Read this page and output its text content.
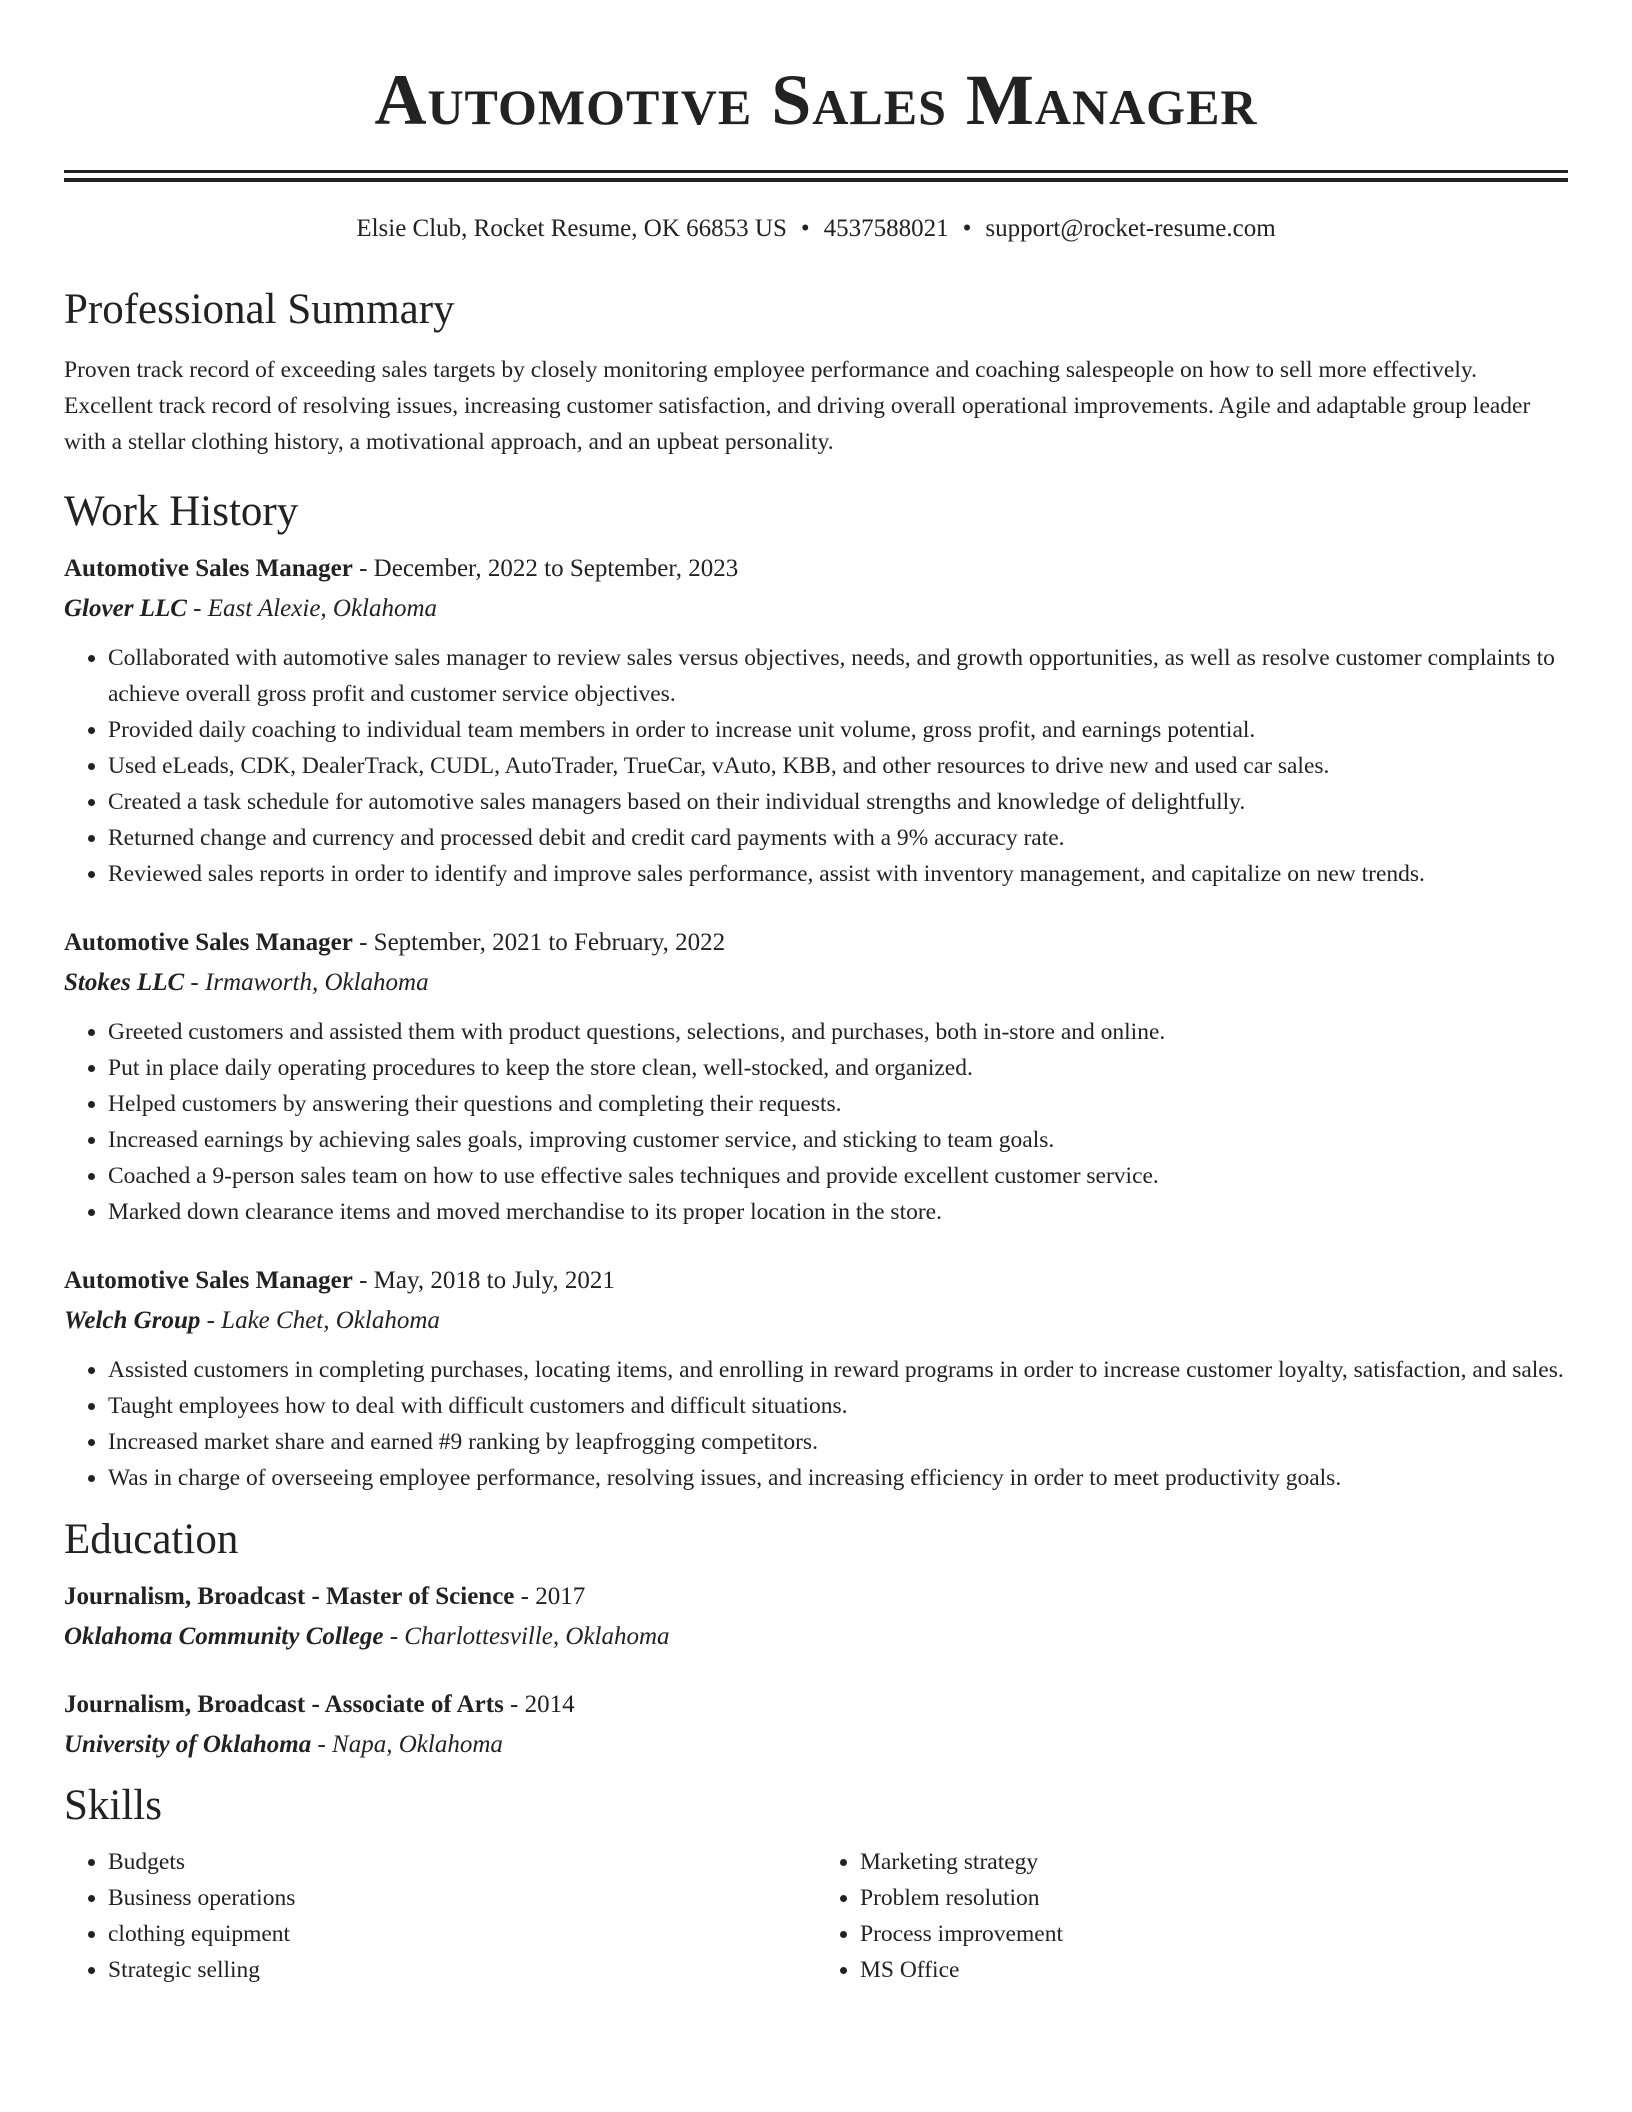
Automotive Sales Manager
Elsie Club, Rocket Resume, OK 66853 US • 4537588021 • support@rocket-resume.com
Professional Summary

Proven track record of exceeding sales targets by closely monitoring employee performance and coaching salespeople on how to sell more effectively. Excellent track record of resolving issues, increasing customer satisfaction, and driving overall operational improvements. Agile and adaptable group leader with a stellar clothing history, a motivational approach, and an upbeat personality.

Work History
Automotive Sales Manager - December, 2022 to September, 2023
Glover LLC - East Alexie, Oklahoma
• Collaborated with automotive sales manager to review sales versus objectives, needs, and growth opportunities, as well as resolve customer complaints to achieve overall gross profit and customer service objectives.
• Provided daily coaching to individual team members in order to increase unit volume, gross profit, and earnings potential.
• Used eLeads, CDK, DealerTrack, CUDL, AutoTrader, TrueCar, vAuto, KBB, and other resources to drive new and used car sales.
• Created a task schedule for automotive sales managers based on their individual strengths and knowledge of delightfully.
• Returned change and currency and processed debit and credit card payments with a 9% accuracy rate.
• Reviewed sales reports in order to identify and improve sales performance, assist with inventory management, and capitalize on new trends.
Automotive Sales Manager - September, 2021 to February, 2022
Stokes LLC - Irmaworth, Oklahoma
• Greeted customers and assisted them with product questions, selections, and purchases, both in-store and online.
• Put in place daily operating procedures to keep the store clean, well-stocked, and organized.
• Helped customers by answering their questions and completing their requests.
• Increased earnings by achieving sales goals, improving customer service, and sticking to team goals.
• Coached a 9-person sales team on how to use effective sales techniques and provide excellent customer service.
• Marked down clearance items and moved merchandise to its proper location in the store.
Automotive Sales Manager - May, 2018 to July, 2021
Welch Group - Lake Chet, Oklahoma
• Assisted customers in completing purchases, locating items, and enrolling in reward programs in order to increase customer loyalty, satisfaction, and sales.
• Taught employees how to deal with difficult customers and difficult situations.
• Increased market share and earned #9 ranking by leapfrogging competitors.
• Was in charge of overseeing employee performance, resolving issues, and increasing efficiency in order to meet productivity goals.
Education
Journalism, Broadcast - Master of Science - 2017
Oklahoma Community College - Charlottesville, Oklahoma
Journalism, Broadcast - Associate of Arts - 2014
University of Oklahoma - Napa, Oklahoma
Skills
• Budgets
• Business operations
• clothing equipment
• Strategic selling
• Marketing strategy
• Problem resolution
• Process improvement
• MS Office
